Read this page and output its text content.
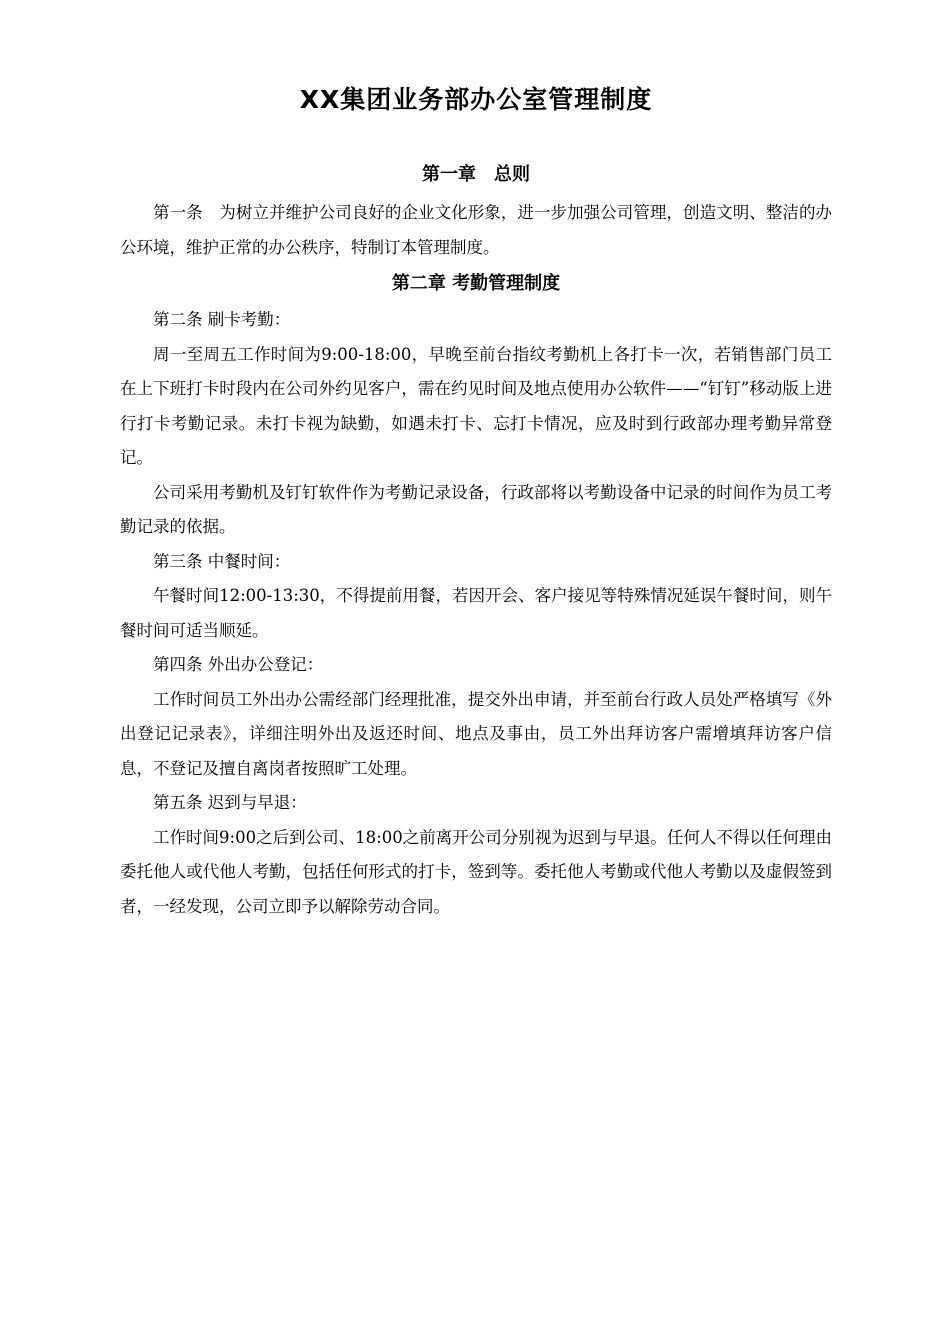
XX集团业务部办公室管理制度
第一章　总则

第一条　为树立并维护公司良好的企业文化形象，进一步加强公司管理，创造文明、整洁的办公环境，维护正常的办公秩序，特制订本管理制度。

第二章 考勤管理制度

第二条 刷卡考勤：

周一至周五工作时间为9:00-18:00，早晚至前台指纹考勤机上各打卡一次，若销售部门员工在上下班打卡时段内在公司外约见客户，需在约见时间及地点使用办公软件——“钉钉”移动版上进行打卡考勤记录。未打卡视为缺勤，如遇未打卡、忘打卡情况，应及时到行政部办理考勤异常登记。

公司采用考勤机及钉钉软件作为考勤记录设备，行政部将以考勤设备中记录的时间作为员工考勤记录的依据。

第三条 中餐时间：

午餐时间12:00-13:30，不得提前用餐，若因开会、客户接见等特殊情况延误午餐时间，则午餐时间可适当顺延。

第四条 外出办公登记：

工作时间员工外出办公需经部门经理批准，提交外出申请，并至前台行政人员处严格填写《外出登记记录表》，详细注明外出及返还时间、地点及事由，员工外出拜访客户需增填拜访客户信息，不登记及擅自离岗者按照旷工处理。

第五条 迟到与早退：

工作时间9:00之后到公司、18:00之前离开公司分别视为迟到与早退。任何人不得以任何理由委托他人或代他人考勤，包括任何形式的打卡，签到等。委托他人考勤或代他人考勤以及虚假签到者，一经发现，公司立即予以解除劳动合同。
